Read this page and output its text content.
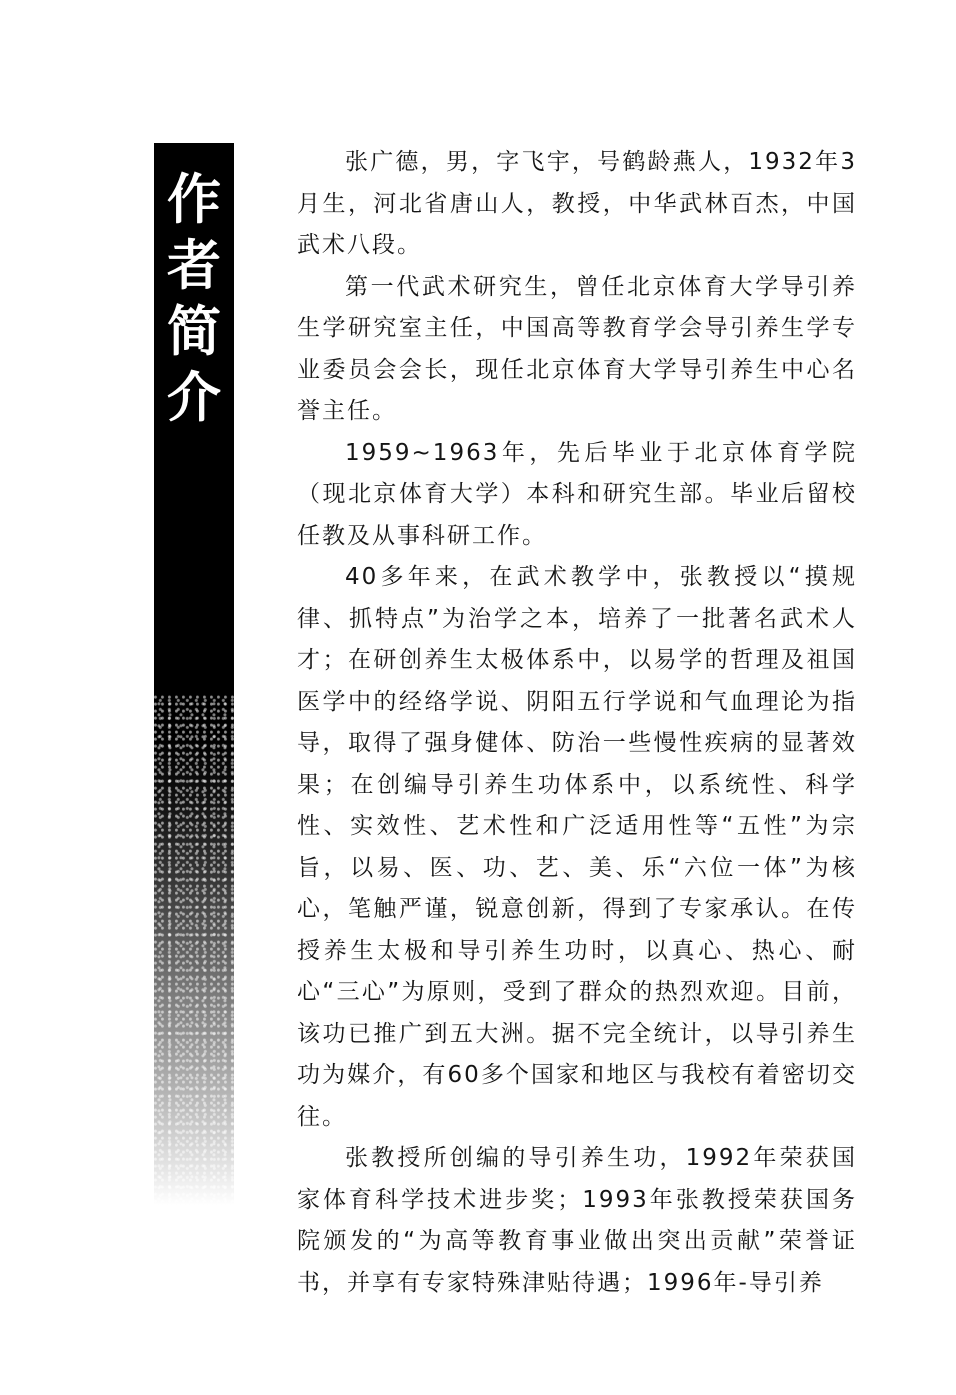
作
者
简
介

张广德，男，字飞宇，号鹤龄燕人，1932年3月生，河北省唐山人，教授，中华武林百杰，中国武术八段。

第一代武术研究生，曾任北京体育大学导引养生学研究室主任，中国高等教育学会导引养生学专业委员会会长，现任北京体育大学导引养生中心名誉主任。

1959~1963年，先后毕业于北京体育学院（现北京体育大学）本科和研究生部。毕业后留校任教及从事科研工作。

40多年来，在武术教学中，张教授以“摸规律、抓特点”为治学之本，培养了一批著名武术人才；在研创养生太极体系中，以易学的哲理及祖国医学中的经络学说、阴阳五行学说和气血理论为指导，取得了强身健体、防治一些慢性疾病的显著效果；在创编导引养生功体系中，以系统性、科学性、实效性、艺术性和广泛适用性等“五性”为宗旨，以易、医、功、艺、美、乐“六位一体”为核心，笔触严谨，锐意创新，得到了专家承认。在传授养生太极和导引养生功时，以真心、热心、耐心“三心”为原则，受到了群众的热烈欢迎。目前，该功已推广到五大洲。据不完全统计，以导引养生功为媒介，有60多个国家和地区与我校有着密切交往。

张教授所创编的导引养生功，1992年荣获国家体育科学技术进步奖；1993年张教授荣获国务院颁发的“为高等教育事业做出突出贡献”荣誉证书，并享有专家特殊津贴待遇；1996年-导引养
